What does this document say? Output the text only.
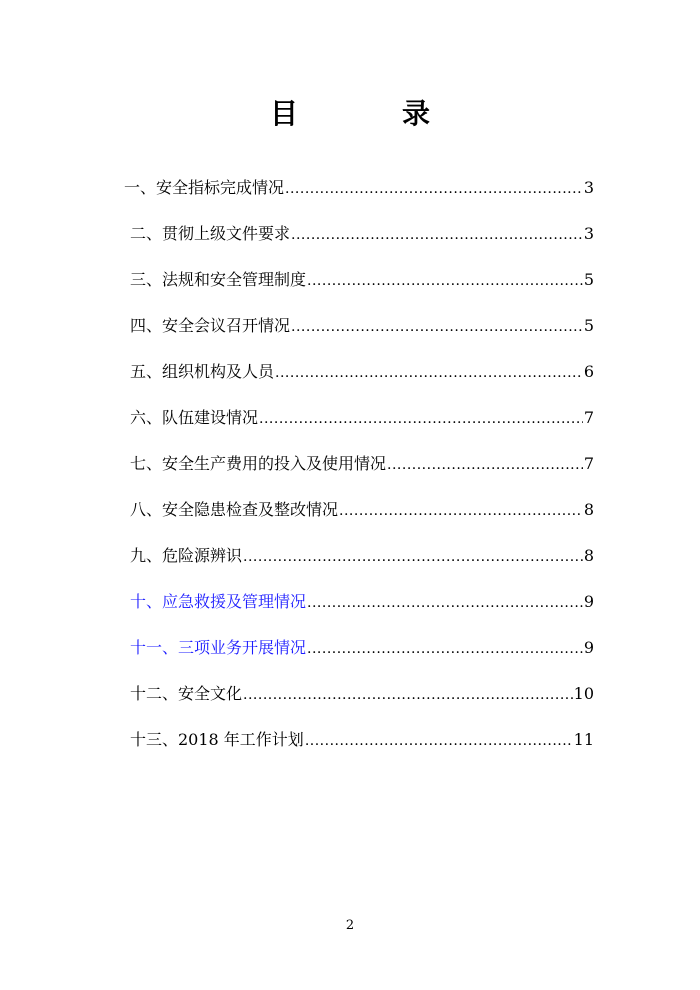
目　录
一、安全指标完成情况 .....	3
二、贯彻上级文件要求 .....	3
三、法规和安全管理制度 .....	5
四、安全会议召开情况 .....	5
五、组织机构及人员 .....	6
六、队伍建设情况 .....	7
七、安全生产费用的投入及使用情况 .....	7
八、安全隐患检查及整改情况 .....	8
九、危险源辨识 .....	8
十、应急救援及管理情况 .....	9
十一、三项业务开展情况 .....	9
十二、安全文化 .....	10
十三、2018 年工作计划 .....	11
2
